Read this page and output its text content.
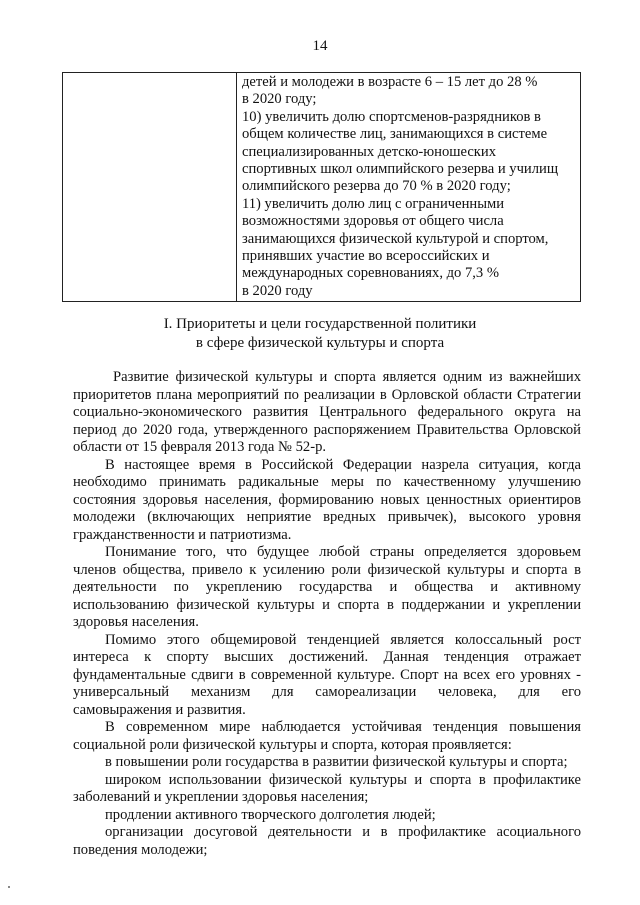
14

детей и молодежи в возрасте 6 – 15 лет до 28 %
в 2020 году;
10) увеличить долю спортсменов-разрядников в
общем количестве лиц, занимающихся в системе
специализированных детско-юношеских
спортивных школ олимпийского резерва и училищ
олимпийского резерва до 70 % в 2020 году;
11) увеличить долю лиц с ограниченными
возможностями здоровья от общего числа
занимающихся физической культурой и спортом,
принявших участие во всероссийских и
международных соревнованиях, до 7,3 %
в 2020 году
I. Приоритеты и цели государственной политики
в сфере физической культуры и спорта
Развитие физической культуры и спорта является одним из важнейших
приоритетов плана мероприятий по реализации в Орловской области Стратегии
социально-экономического развития Центрального федерального округа на
период до 2020 года, утвержденного распоряжением Правительства Орловской
области от 15 февраля 2013 года № 52-р.
В настоящее время в Российской Федерации назрела ситуация, когда
необходимо принимать радикальные меры по качественному улучшению
состояния здоровья населения, формированию новых ценностных ориентиров
молодежи (включающих неприятие вредных привычек), высокого уровня
гражданственности и патриотизма.
Понимание того, что будущее любой страны определяется здоровьем
членов общества, привело к усилению роли физической культуры и спорта в
деятельности по укреплению государства и общества и активному
использованию физической культуры и спорта в поддержании и укреплении
здоровья населения.
Помимо этого общемировой тенденцией является колоссальный рост
интереса к спорту высших достижений. Данная тенденция отражает
фундаментальные сдвиги в современной культуре. Спорт на всех его уровнях -
универсальный механизм для самореализации человека, для его
самовыражения и развития.
В современном мире наблюдается устойчивая тенденция повышения
социальной роли физической культуры и спорта, которая проявляется:
в повышении роли государства в развитии физической культуры и спорта;
широком использовании физической культуры и спорта в профилактике
заболеваний и укреплении здоровья населения;
продлении активного творческого долголетия людей;
организации досуговой деятельности и в профилактике асоциального
поведения молодежи;
